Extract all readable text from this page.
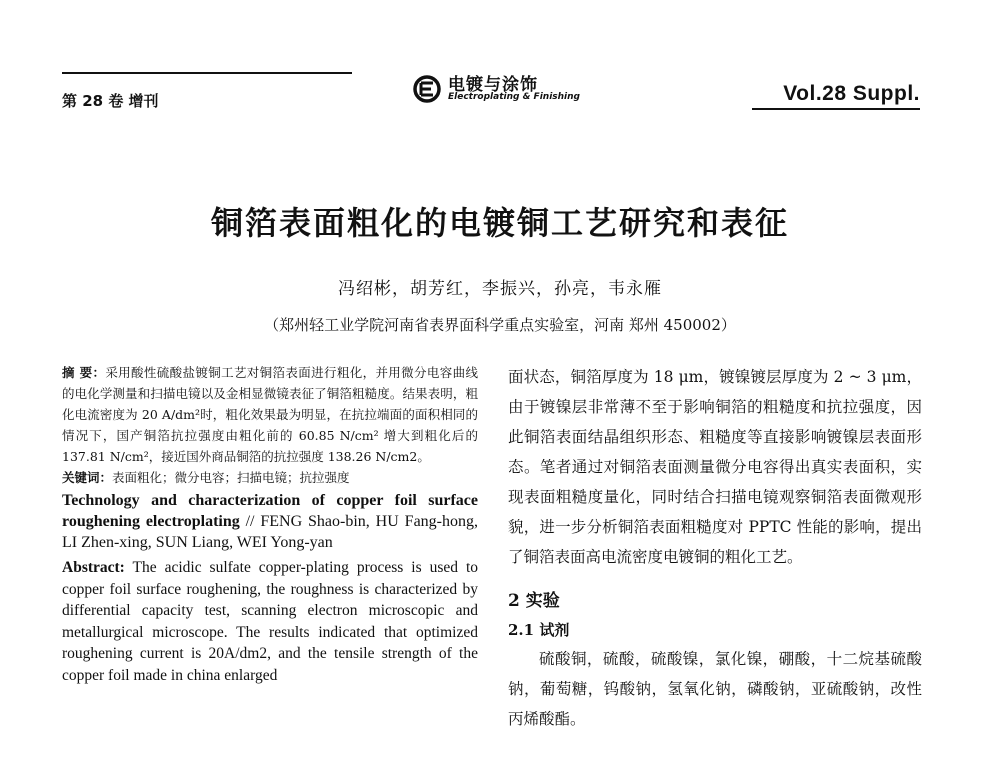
第 28 卷 增刊
电镀与涂饰
Electroplating & Finishing	Vol.28 Suppl.
铜箔表面粗化的电镀铜工艺研究和表征
冯绍彬，胡芳红，李振兴，孙亮，韦永雁
（郑州轻工业学院河南省表界面科学重点实验室，河南 郑州 450002）

摘 要：采用酸性硫酸盐镀铜工艺对铜箔表面进行粗化，并用微分电容曲线的电化学测量和扫描电镜以及金相显微镜表征了铜箔粗糙度。结果表明，粗化电流密度为 20 A/dm²时，粗化效果最为明显，在抗拉端面的面积相同的情况下，国产铜箔抗拉强度由粗化前的 60.85 N/cm² 增大到粗化后的 137.81 N/cm²，接近国外商品铜箔的抗拉强度 138.26 N/cm2。

关键词：表面粗化；微分电容；扫描电镜；抗拉强度

Technology and characterization of copper foil surface roughening electroplating // FENG Shao-bin, HU Fang-hong, LI Zhen-xing, SUN Liang, WEI Yong-yan

Abstract: The acidic sulfate copper-plating process is used to copper foil surface roughening, the roughness is characterized by differential capacity test, scanning electron microscopic and metallurgical microscope. The results indicated that optimized roughening current is 20A/dm2, and the tensile strength of the copper foil made in china enlarged

面状态，铜箔厚度为 18 μm，镀镍镀层厚度为 2 ~ 3 μm，由于镀镍层非常薄不至于影响铜箔的粗糙度和抗拉强度，因此铜箔表面结晶组织形态、粗糙度等直接影响镀镍层表面形态。笔者通过对铜箔表面测量微分电容得出真实表面积，实现表面粗糙度量化，同时结合扫描电镜观察铜箔表面微观形貌，进一步分析铜箔表面粗糙度对 PPTC 性能的影响，提出了铜箔表面高电流密度电镀铜的粗化工艺。

2 实验
2.1 试剂

硫酸铜，硫酸，硫酸镍，氯化镍，硼酸，十二烷基硫酸钠，葡萄糖，钨酸钠，氢氧化钠，磷酸钠，亚硫酸钠，改性丙烯酸酯。
